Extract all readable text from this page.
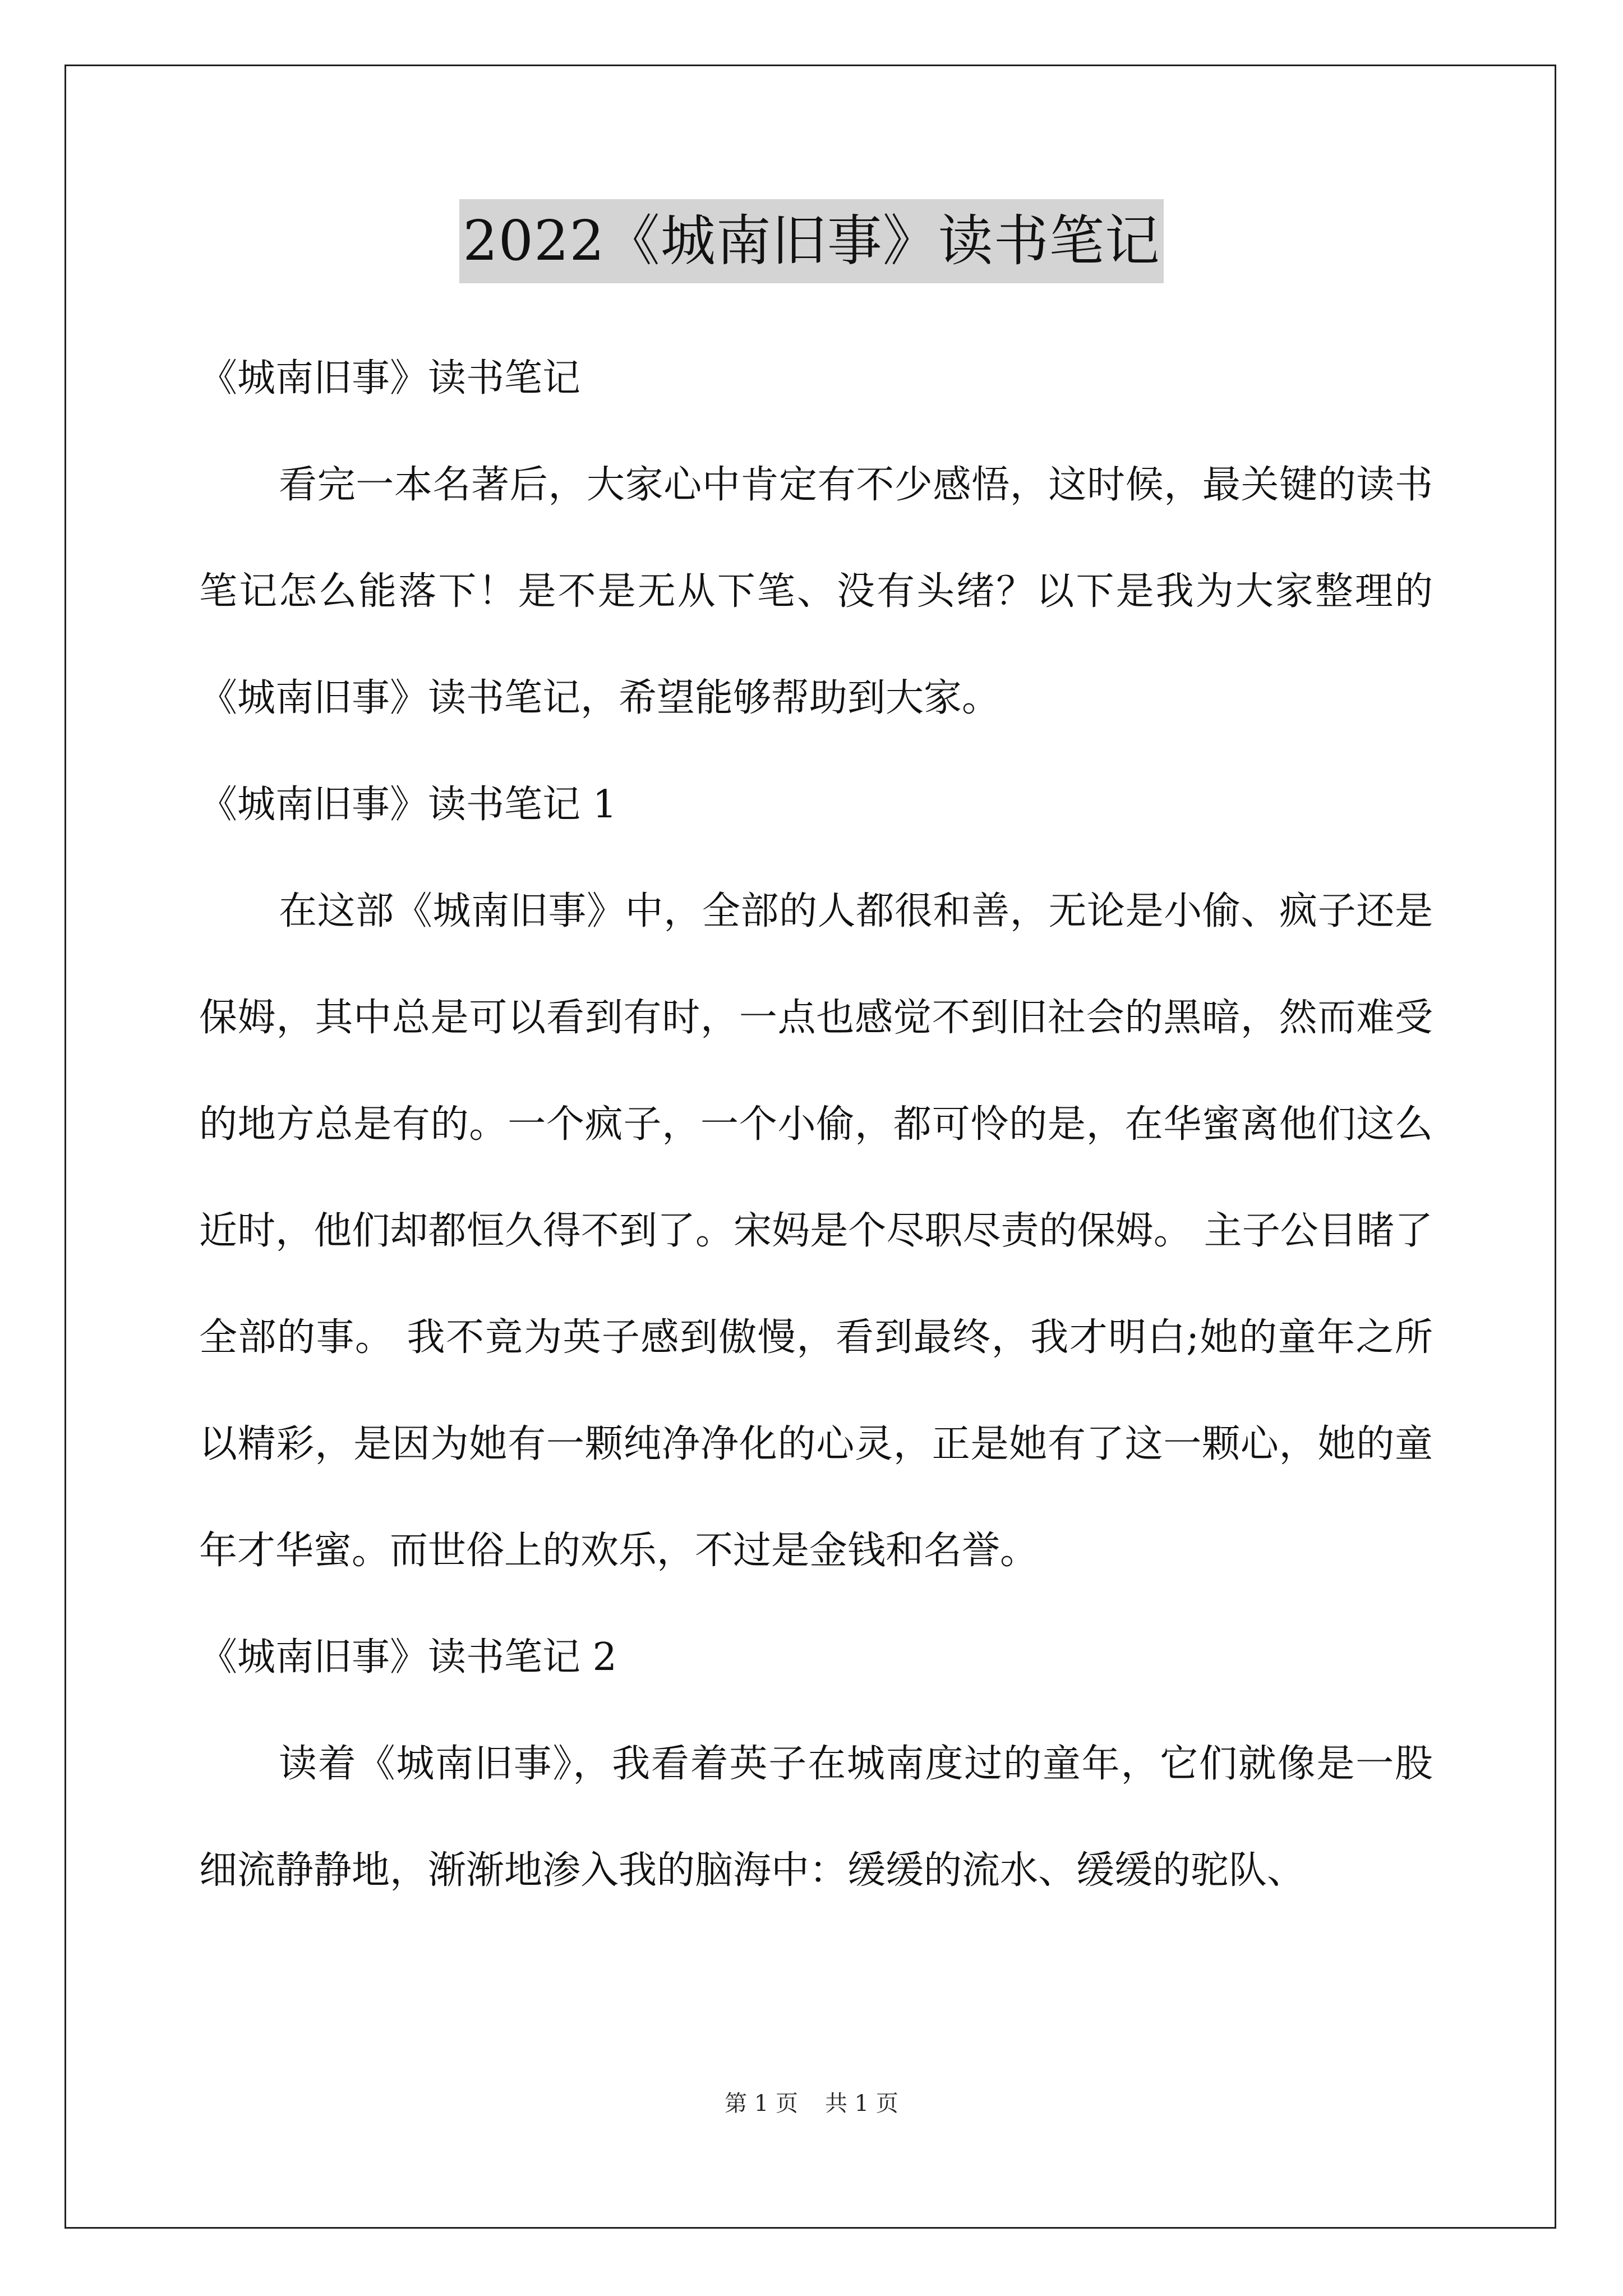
2022《城南旧事》读书笔记

《城南旧事》读书笔记

看完一本名著后，大家心中肯定有不少感悟，这时候，最关键的读书笔记怎么能落下！是不是无从下笔、没有头绪？以下是我为大家整理的《城南旧事》读书笔记，希望能够帮助到大家。

《城南旧事》读书笔记 1

在这部《城南旧事》中，全部的人都很和善，无论是小偷、疯子还是保姆，其中总是可以看到有时，一点也感觉不到旧社会的黑暗，然而难受的地方总是有的。一个疯子，一个小偷，都可怜的是，在华蜜离他们这么近时，他们却都恒久得不到了。宋妈是个尽职尽责的保姆。 主子公目睹了全部的事。 我不竟为英子感到傲慢，看到最终，我才明白;她的童年之所以精彩，是因为她有一颗纯净净化的心灵，正是她有了这一颗心，她的童年才华蜜。而世俗上的欢乐，不过是金钱和名誉。

《城南旧事》读书笔记 2

读着《城南旧事》，我看着英子在城南度过的童年，它们就像是一股细流静静地，渐渐地渗入我的脑海中：缓缓的流水、缓缓的驼队、

第 1 页 共 1 页
